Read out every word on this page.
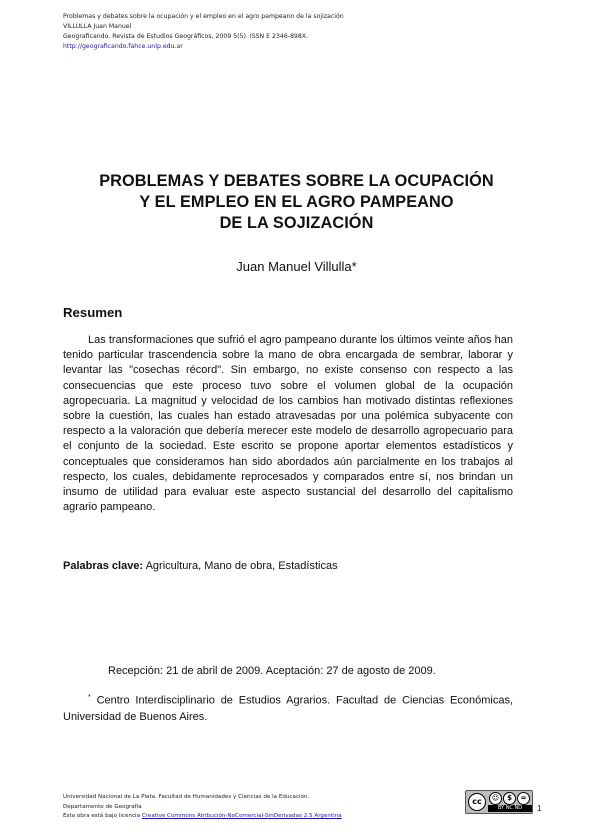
Problemas y debates sobre la ocupación y el empleo en el agro pampeano de la sojización
VILLULLA Juan Manuel
Geograficando. Revista de Estudios Geográficos, 2009 5(5). ISSN E 2346-898X.
http://geograficando.fahce.unlp.edu.ar
PROBLEMAS Y DEBATES SOBRE LA OCUPACIÓN
Y EL EMPLEO EN EL AGRO PAMPEANO
DE LA SOJIZACIÓN
Juan Manuel Villulla*
Resumen

Las transformaciones que sufrió el agro pampeano durante los últimos veinte años han tenido particular trascendencia sobre la mano de obra encargada de sembrar, laborar y levantar las "cosechas récord". Sin embargo, no existe consenso con respecto a las consecuencias que este proceso tuvo sobre el volumen global de la ocupación agropecuaria. La magnitud y velocidad de los cambios han motivado distintas reflexiones sobre la cuestión, las cuales han estado atravesadas por una polémica subyacente con respecto a la valoración que debería merecer este modelo de desarrollo agropecuario para el conjunto de la sociedad. Este escrito se propone aportar elementos estadísticos y conceptuales que consideramos han sido abordados aún parcialmente en los trabajos al respecto, los cuales, debidamente reprocesados y comparados entre sí, nos brindan un insumo de utilidad para evaluar este aspecto sustancial del desarrollo del capitalismo agrario pampeano.

Palabras clave: Agricultura, Mano de obra, Estadísticas
Recepción: 21 de abril de 2009. Aceptación: 27 de agosto de 2009.

* Centro Interdisciplinario de Estudios Agrarios. Facultad de Ciencias Económicas, Universidad de Buenos Aires.

Universidad Nacional de La Plata. Facultad de Humanidades y Ciencias de la Educación.
Departamento de Geografía
Esta obra está bajo licencia Creative Commons Atribución-NoComercial-SinDerivadas 2.5 Argentina
cc	☺	$	=
BY NC ND	1
